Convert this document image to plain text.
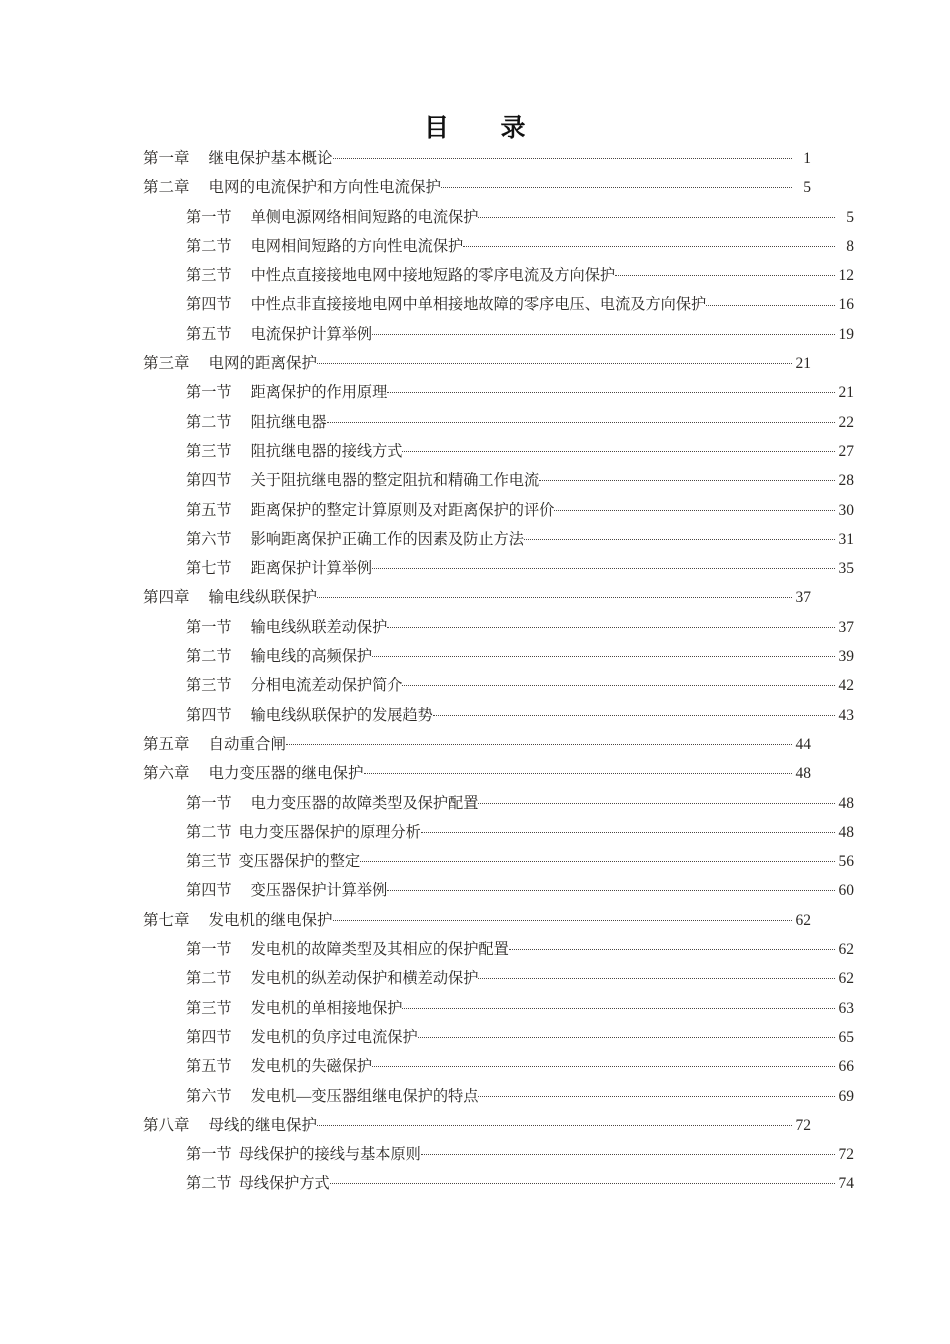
目　　录
第一章 继电保护基本概论	1
第二章 电网的电流保护和方向性电流保护	5
第一节 单侧电源网络相间短路的电流保护	5
第二节 电网相间短路的方向性电流保护	8
第三节 中性点直接接地电网中接地短路的零序电流及方向保护	12
第四节 中性点非直接接地电网中单相接地故障的零序电压、电流及方向保护	16
第五节 电流保护计算举例	19
第三章 电网的距离保护	21
第一节 距离保护的作用原理	21
第二节 阻抗继电器	22
第三节 阻抗继电器的接线方式	27
第四节 关于阻抗继电器的整定阻抗和精确工作电流	28
第五节 距离保护的整定计算原则及对距离保护的评价	30
第六节 影响距离保护正确工作的因素及防止方法	31
第七节 距离保护计算举例	35
第四章 输电线纵联保护	37
第一节 输电线纵联差动保护	37
第二节 输电线的高频保护	39
第三节 分相电流差动保护简介	42
第四节 输电线纵联保护的发展趋势	43
第五章 自动重合闸	44
第六章 电力变压器的继电保护	48
第一节 电力变压器的故障类型及保护配置	48
第二节 电力变压器保护的原理分析	48
第三节 变压器保护的整定	56
第四节 变压器保护计算举例	60
第七章 发电机的继电保护	62
第一节 发电机的故障类型及其相应的保护配置	62
第二节 发电机的纵差动保护和横差动保护	62
第三节 发电机的单相接地保护	63
第四节 发电机的负序过电流保护	65
第五节 发电机的失磁保护	66
第六节 发电机—变压器组继电保护的特点	69
第八章 母线的继电保护	72
第一节 母线保护的接线与基本原则	72
第二节 母线保护方式	74
